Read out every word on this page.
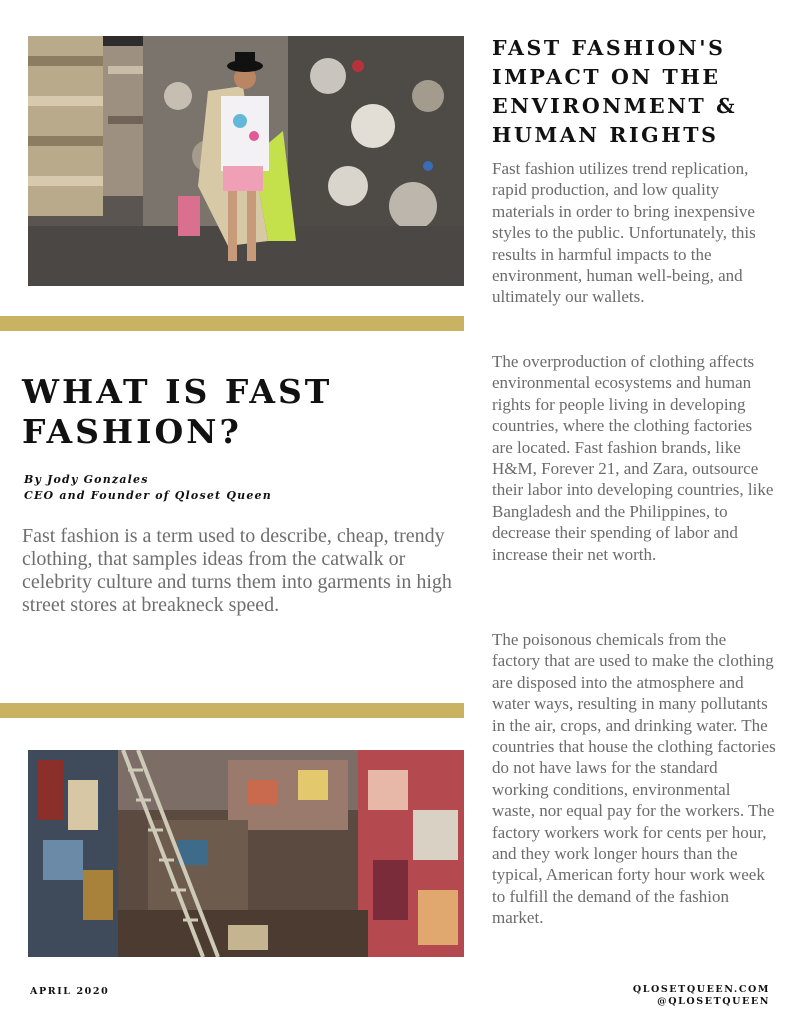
WHAT IS FAST FASHION?
By Jody Gonzales
CEO and Founder of Qloset Queen

Fast fashion is a term used to describe, cheap, trendy clothing, that samples ideas from the catwalk or celebrity culture and turns them into garments in high street stores at breakneck speed.

FAST FASHION'S IMPACT ON THE ENVIRONMENT & HUMAN RIGHTS

Fast fashion utilizes trend replication, rapid production, and low quality materials in order to bring inexpensive styles to the public. Unfortunately, this results in harmful impacts to the environment, human well-being, and ultimately our wallets.

The overproduction of clothing affects environmental ecosystems and human rights for people living in developing countries, where the clothing factories are located. Fast fashion brands, like H&M, Forever 21, and Zara, outsource their labor into developing countries, like Bangladesh and the Philippines, to decrease their spending of labor and increase their net worth.

The poisonous chemicals from the factory that are used to make the clothing are disposed into the atmosphere and water ways, resulting in many pollutants in the air, crops, and drinking water. The countries that house the clothing factories do not have laws for the standard working conditions, environmental waste, nor equal pay for the workers. The factory workers work for cents per hour, and they work longer hours than the typical, American forty hour work week to fulfill the demand of the fashion market.

APRIL 2020	QLOSETQUEEN.COM
@QLOSETQUEEN
